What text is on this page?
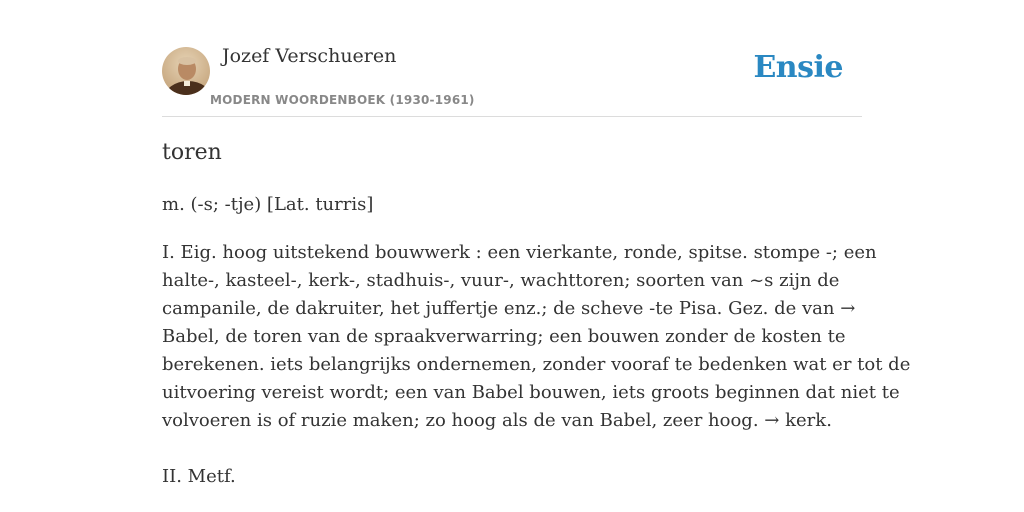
Jozef Verschueren
MODERN WOORDENBOEK (1930-1961)
Ensie
toren

m. (-s; -tje) [Lat. turris]

I. Eig. hoog uitstekend bouwwerk : een vierkante, ronde, spitse. stompe -; een
halte-, kasteel-, kerk-, stadhuis-, vuur-, wachttoren; soorten van ~s zijn de
campanile, de dakruiter, het juffertje enz.; de scheve -te Pisa. Gez. de van →
Babel, de toren van de spraakverwarring; een bouwen zonder de kosten te
berekenen. iets belangrijks ondernemen, zonder vooraf te bedenken wat er tot de
uitvoering vereist wordt; een van Babel bouwen, iets groots beginnen dat niet te
volvoeren is of ruzie maken; zo hoog als de van Babel, zeer hoog. → kerk.
II. Metf.
